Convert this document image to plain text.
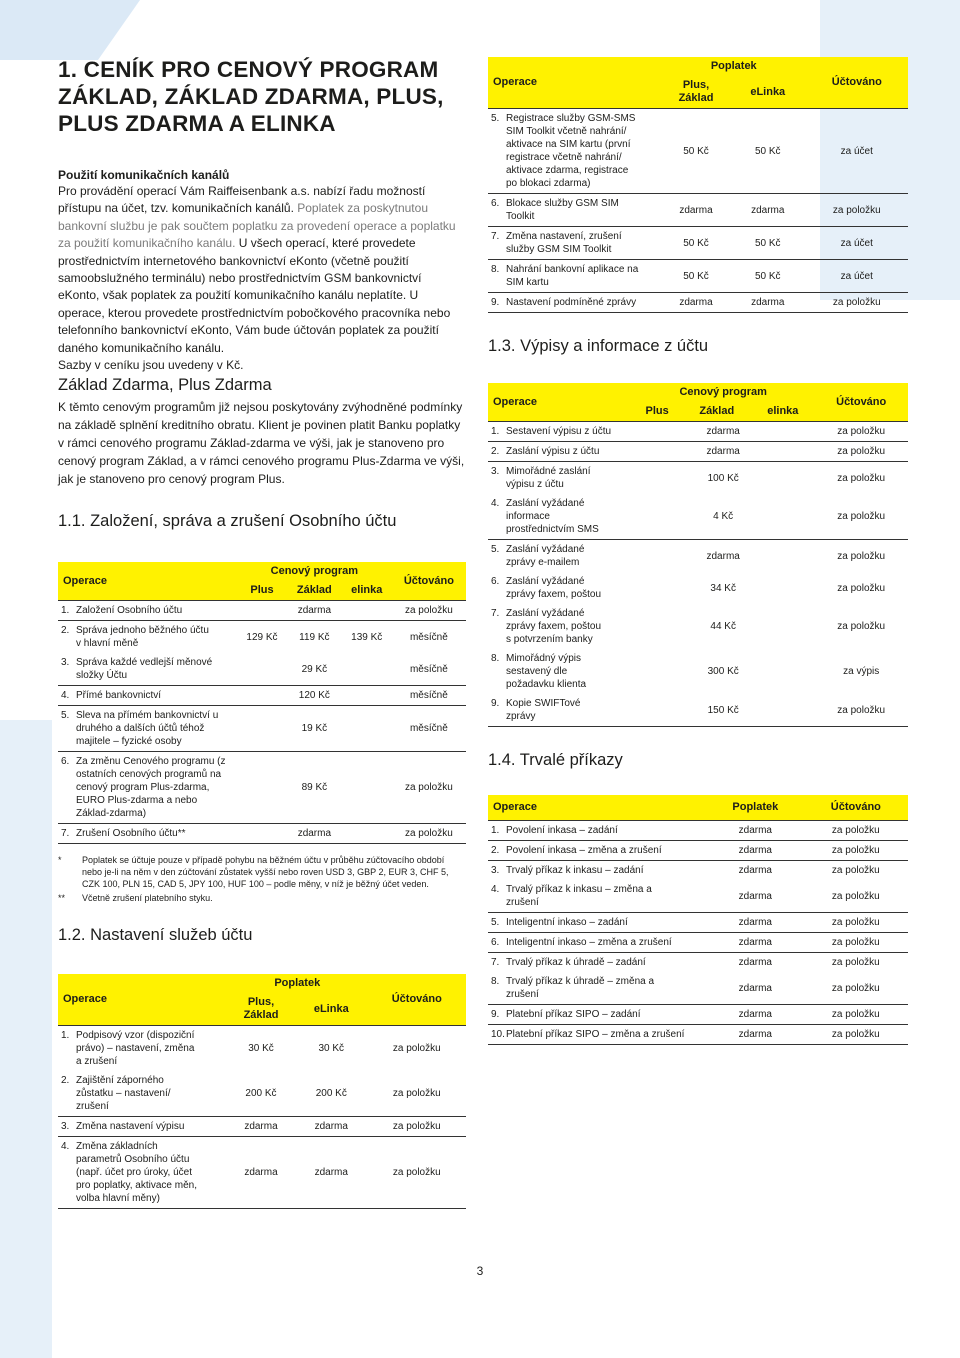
1. CENÍK PRO CENOVÝ PROGRAM
ZÁKLAD, ZÁKLAD ZDARMA, PLUS,
PLUS ZDARMA A ELINKA
Použití komunikačních kanálů

Pro provádění operací Vám Raiffeisenbank a.s. nabízí řadu možností přístupu na účet, tzv. komunikačních kanálů. Poplatek za poskytnutou bankovní službu je pak součtem poplatku za provedení operace a poplatku za použití komunikačního kanálu. U všech operací, které provedete prostřednictvím internetového bankovnictví eKonto (včetně použití samoobslužného terminálu) nebo prostřednictvím GSM bankovnictví eKonto, však poplatek za použití komunikačního kanálu neplatíte. U operace, kterou provedete prostřednictvím pobočkového pracovníka nebo telefonního bankovnictví eKonto, Vám bude účtován poplatek za použití daného komunikačního kanálu.
Sazby v ceníku jsou uvedeny v Kč.

Základ Zdarma, Plus Zdarma

K těmto cenovým programům již nejsou poskytovány zvýhodněné podmínky na základě splnění kreditního obratu. Klient je povinen platit Banku poplatky v rámci cenového programu Základ-zdarma ve výši, jak je stanoveno pro cenový program Základ, a v rámci cenového programu Plus-Zdarma ve výši, jak je stanoveno pro cenový program Plus.

1.1. Založení, správa a zrušení Osobního účtu
Operace	Cenový program			Účtováno
	Plus	Základ	elinka	
1. Založení Osobního účtu	zdarma			za položku
2. Správa jednoho běžného účtu v hlavní měně	129 Kč	119 Kč	139 Kč	měsíčně
3. Správa každé vedlejší měnové složky Účtu	29 Kč			měsíčně
4. Přímé bankovnictví	120 Kč			měsíčně
5. Sleva na přímém bankovnictví u druhého a dalších účtů téhož majitele – fyzické osoby	19 Kč			měsíčně
6. Za změnu Cenového programu (z ostatních cenových programů na cenový program Plus-zdarma, EURO Plus-zdarma a nebo Základ-zdarma)	89 Kč			za položku
7. Zrušení Osobního účtu**	zdarma			za položku
*	Poplatek se účtuje pouze v případě pohybu na běžném účtu v průběhu zúčtovacího období nebo je-li na něm v den zúčtování zůstatek vyšší nebo roven USD 3, GBP 2, EUR 3, CHF 5, CZK 100, PLN 15, CAD 5, JPY 100, HUF 100 – podle měny, v níž je běžný účet veden.
**	Včetně zrušení platebního styku.
1.2. Nastavení služeb účtu
Operace	Poplatek		Účtováno
	Plus, Základ	eLinka	
1. Podpisový vzor (dispoziční právo) – nastavení, změna a zrušení	30 Kč	30 Kč	za položku
2. Zajištění záporného zůstatku – nastavení/ zrušení	200 Kč	200 Kč	za položku
3. Změna nastavení výpisu	zdarma	zdarma	za položku
4. Změna základních parametrů Osobního účtu (např. účet pro úroky, účet pro poplatky, aktivace měn, volba hlavní měny)	zdarma	zdarma	za položku
Operace	Poplatek		Účtováno
	Plus, Základ	eLinka	
5. Registrace služby GSM-SMS SIM Toolkit včetně nahrání/ aktivace na SIM kartu (první registrace včetně nahrání/ aktivace zdarma, registrace po blokaci zdarma)	50 Kč	50 Kč	za účet
6. Blokace služby GSM SIM Toolkit	zdarma	zdarma	za položku
7. Změna nastavení, zrušení služby GSM SIM Toolkit	50 Kč	50 Kč	za účet
8. Nahrání bankovní aplikace na SIM kartu	50 Kč	50 Kč	za účet
9. Nastavení podmíněné zprávy	zdarma	zdarma	za položku
1.3. Výpisy a informace z účtu
Operace	Cenový program			Účtováno
	Plus	Základ	elinka	
1. Sestavení výpisu z účtu	zdarma			za položku
2. Zaslání výpisu z účtu	zdarma			za položku
3. Mimořádné zaslání výpisu z účtu	100 Kč			za položku
4. Zaslání vyžádané informace prostřednictvím SMS	4 Kč			za položku
5. Zaslání vyžádané zprávy e-mailem	zdarma			za položku
6. Zaslání vyžádané zprávy faxem, poštou	34 Kč			za položku
7. Zaslání vyžádané zprávy faxem, poštou s potvrzením banky	44 Kč			za položku
8. Mimořádný výpis sestavený dle požadavku klienta	300 Kč			za výpis
9. Kopie SWIFTové zprávy	150 Kč			za položku
1.4. Trvalé příkazy
Operace	Poplatek	Účtováno
1. Povolení inkasa – zadání	zdarma	za položku
2. Povolení inkasa – změna a zrušení	zdarma	za položku
3. Trvalý příkaz k inkasu – zadání	zdarma	za položku
4. Trvalý příkaz k inkasu – změna a zrušení	zdarma	za položku
5. Inteligentní inkaso – zadání	zdarma	za položku
6. Inteligentní inkaso – změna a zrušení	zdarma	za položku
7. Trvalý příkaz k úhradě – zadání	zdarma	za položku
8. Trvalý příkaz k úhradě – změna a zrušení	zdarma	za položku
9. Platební příkaz SIPO – zadání	zdarma	za položku
10.Platební příkaz SIPO – změna a zrušení	zdarma	za položku
3
